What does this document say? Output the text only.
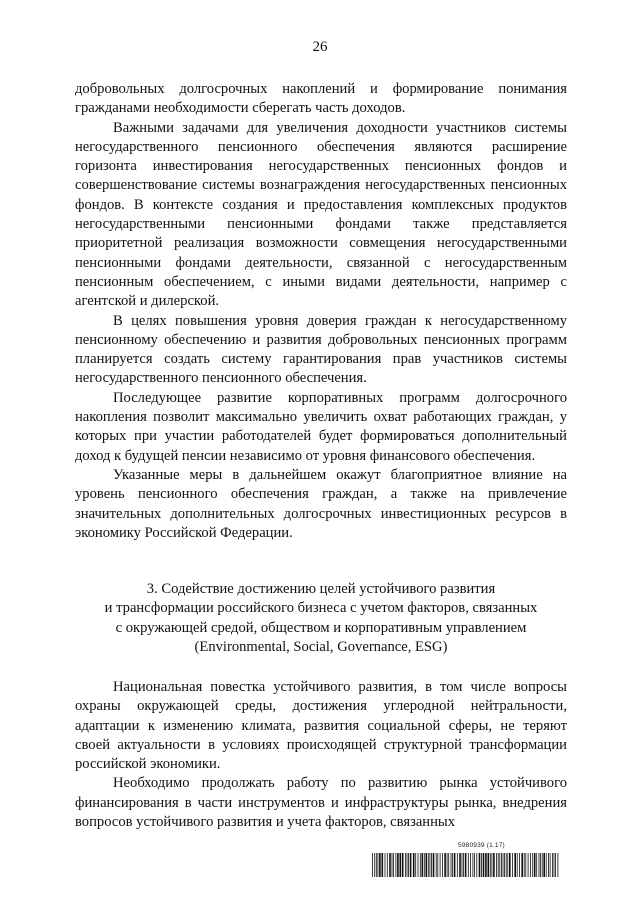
26

добровольных долгосрочных накоплений и формирование понимания гражданами необходимости сберегать часть доходов.

Важными задачами для увеличения доходности участников системы негосударственного пенсионного обеспечения являются расширение горизонта инвестирования негосударственных пенсионных фондов и совершенствование системы вознаграждения негосударственных пенсионных фондов. В контексте создания и предоставления комплексных продуктов негосударственными пенсионными фондами также представляется приоритетной реализация возможности совмещения негосударственными пенсионными фондами деятельности, связанной с негосударственным пенсионным обеспечением, с иными видами деятельности, например с агентской и дилерской.

В целях повышения уровня доверия граждан к негосударственному пенсионному обеспечению и развития добровольных пенсионных программ планируется создать систему гарантирования прав участников системы негосударственного пенсионного обеспечения.

Последующее развитие корпоративных программ долгосрочного накопления позволит максимально увеличить охват работающих граждан, у которых при участии работодателей будет формироваться дополнительный доход к будущей пенсии независимо от уровня финансового обеспечения.

Указанные меры в дальнейшем окажут благоприятное влияние на уровень пенсионного обеспечения граждан, а также на привлечение значительных дополнительных долгосрочных инвестиционных ресурсов в экономику Российской Федерации.

3. Содействие достижению целей устойчивого развития
и трансформации российского бизнеса с учетом факторов, связанных
с окружающей средой, обществом и корпоративным управлением
(Environmental, Social, Governance, ESG)

Национальная повестка устойчивого развития, в том числе вопросы охраны окружающей среды, достижения углеродной нейтральности, адаптации к изменению климата, развития социальной сферы, не теряют своей актуальности в условиях происходящей структурной трансформации российской экономики.

Необходимо продолжать работу по развитию рынка устойчивого финансирования в части инструментов и инфраструктуры рынка, внедрения вопросов устойчивого развития и учета факторов, связанных

5980939 (1.17)
